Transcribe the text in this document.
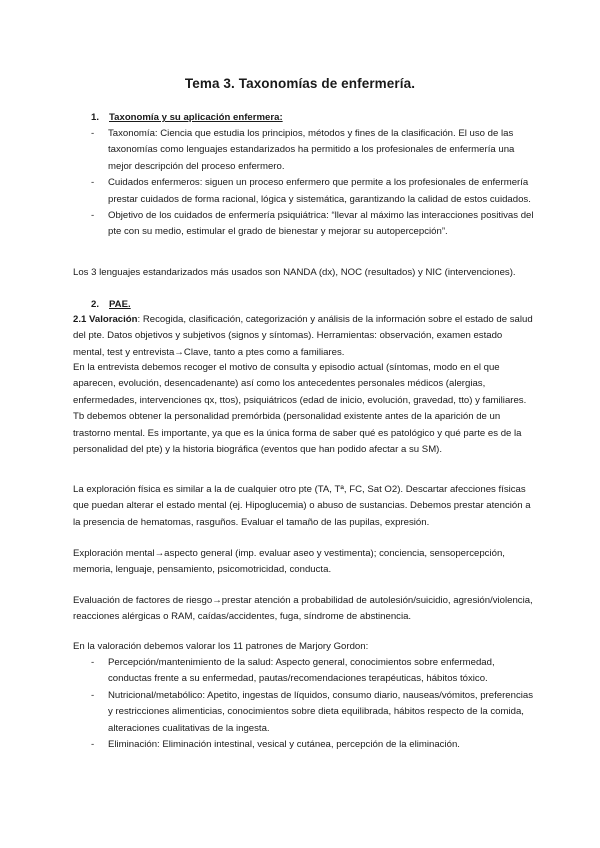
Tema 3. Taxonomías de enfermería.
1. Taxonomía y su aplicación enfermera:
- Taxonomía: Ciencia que estudia los principios, métodos y fines de la clasificación. El uso de las taxonomías como lenguajes estandarizados ha permitido a los profesionales de enfermería una mejor descripción del proceso enfermero.
- Cuidados enfermeros: siguen un proceso enfermero que permite a los profesionales de enfermería prestar cuidados de forma racional, lógica y sistemática, garantizando la calidad de estos cuidados.
- Objetivo de los cuidados de enfermería psiquiátrica: “llevar al máximo las interacciones positivas del pte con su medio, estimular el grado de bienestar y mejorar su autopercepción”.
Los 3 lenguajes estandarizados más usados son NANDA (dx), NOC (resultados) y NIC (intervenciones).
2. PAE.
2.1 Valoración: Recogida, clasificación, categorización y análisis de la información sobre el estado de salud del pte. Datos objetivos y subjetivos (signos y síntomas). Herramientas: observación, examen estado mental, test y entrevista→Clave, tanto a ptes como a familiares.
En la entrevista debemos recoger el motivo de consulta y episodio actual (síntomas, modo en el que aparecen, evolución, desencadenante) así como los antecedentes personales médicos (alergias, enfermedades, intervenciones qx, ttos), psiquiátricos (edad de inicio, evolución, gravedad, tto) y familiares. Tb debemos obtener la personalidad premórbida (personalidad existente antes de la aparición de un trastorno mental. Es importante, ya que es la única forma de saber qué es patológico y qué parte es de la personalidad del pte) y la historia biográfica (eventos que han podido afectar a su SM).
La exploración física es similar a la de cualquier otro pte (TA, Tª, FC, Sat O2). Descartar afecciones físicas que puedan alterar el estado mental (ej. Hipoglucemia) o abuso de sustancias. Debemos prestar atención a la presencia de hematomas, rasguños. Evaluar el tamaño de las pupilas, expresión.
Exploración mental→aspecto general (imp. evaluar aseo y vestimenta); conciencia, sensopercepción, memoria, lenguaje, pensamiento, psicomotricidad, conducta.
Evaluación de factores de riesgo→prestar atención a probabilidad de autolesión/suicidio, agresión/violencia, reacciones alérgicas o RAM, caídas/accidentes, fuga, síndrome de abstinencia.
En la valoración debemos valorar los 11 patrones de Marjory Gordon:
- Percepción/mantenimiento de la salud: Aspecto general, conocimientos sobre enfermedad, conductas frente a su enfermedad, pautas/recomendaciones terapéuticas, hábitos tóxico.
- Nutricional/metabólico: Apetito, ingestas de líquidos, consumo diario, nauseas/vómitos, preferencias y restricciones alimenticias, conocimientos sobre dieta equilibrada, hábitos respecto de la comida, alteraciones cualitativas de la ingesta.
- Eliminación: Eliminación intestinal, vesical y cutánea, percepción de la eliminación.
